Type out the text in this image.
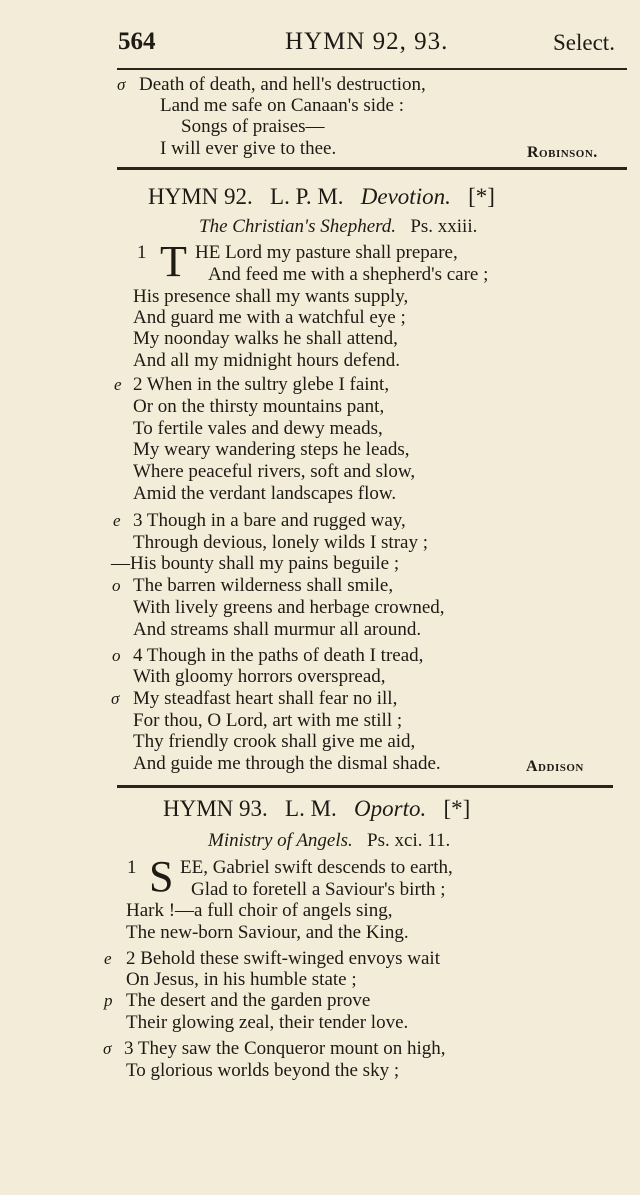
564	HYMN 92, 93.	Select.
σ Death of death, and hell's destruction,
Land me safe on Canaan's side :
Songs of praises—
I will ever give to thee.	Robinson.
HYMN 92. L. P. M. Devotion. [*]
The Christian's Shepherd. Ps. xxiii.
1 T HE Lord my pasture shall prepare,
And feed me with a shepherd's care ;
His presence shall my wants supply,
And guard me with a watchful eye ;
My noonday walks he shall attend,
And all my midnight hours defend.
e 2 When in the sultry glebe I faint,
Or on the thirsty mountains pant,
To fertile vales and dewy meads,
My weary wandering steps he leads,
Where peaceful rivers, soft and slow,
Amid the verdant landscapes flow.
e 3 Though in a bare and rugged way,
Through devious, lonely wilds I stray ;
—His bounty shall my pains beguile ;
o The barren wilderness shall smile,
With lively greens and herbage crowned,
And streams shall murmur all around.
o 4 Though in the paths of death I tread,
With gloomy horrors overspread,
σ My steadfast heart shall fear no ill,
For thou, O Lord, art with me still ;
Thy friendly crook shall give me aid,
And guide me through the dismal shade.	Addison
HYMN 93. L. M. Oporto. [*]
Ministry of Angels. Ps. xci. 11.
1 S EE, Gabriel swift descends to earth,
Glad to foretell a Saviour's birth ;
Hark !—a full choir of angels sing,
The new-born Saviour, and the King.
e 2 Behold these swift-winged envoys wait
On Jesus, in his humble state ;
p The desert and the garden prove
Their glowing zeal, their tender love.
σ 3 They saw the Conqueror mount on high,
To glorious worlds beyond the sky ;
